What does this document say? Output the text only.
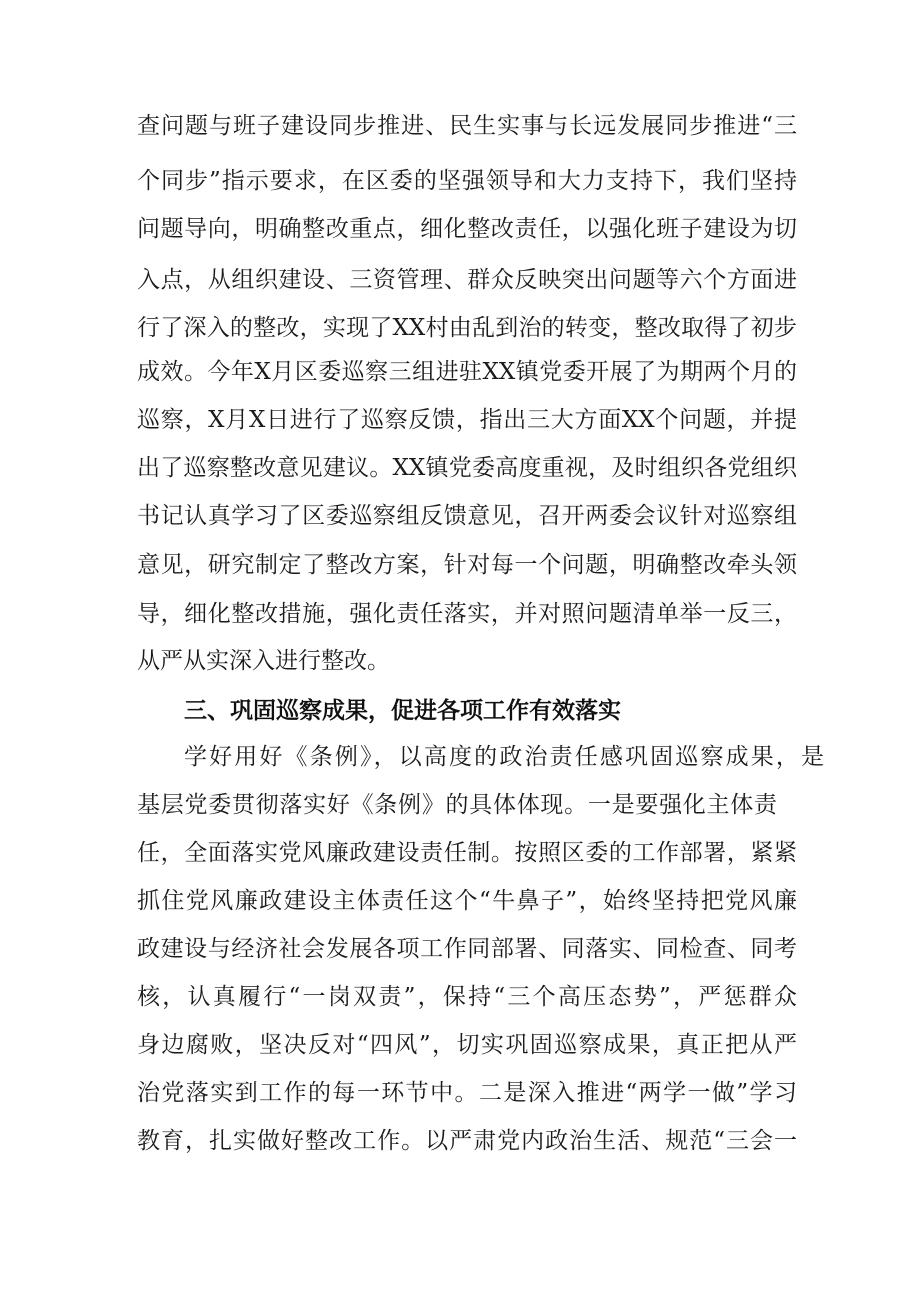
查问题与班子建设同步推进、民生实事与长远发展同步推进“三
个同步”指示要求，在区委的坚强领导和大力支持下，我们坚持
问题导向，明确整改重点，细化整改责任，以强化班子建设为切
入点，从组织建设、三资管理、群众反映突出问题等六个方面进
行了深入的整改，实现了XX村由乱到治的转变，整改取得了初步
成效。今年X月区委巡察三组进驻XX镇党委开展了为期两个月的
巡察，X月X日进行了巡察反馈，指出三大方面XX个问题，并提
出了巡察整改意见建议。XX镇党委高度重视，及时组织各党组织
书记认真学习了区委巡察组反馈意见，召开两委会议针对巡察组
意见，研究制定了整改方案，针对每一个问题，明确整改牵头领
导，细化整改措施，强化责任落实，并对照问题清单举一反三，
从严从实深入进行整改。
三、巩固巡察成果，促进各项工作有效落实
学好用好《条例》，以高度的政治责任感巩固巡察成果，是
基层党委贯彻落实好《条例》的具体体现。一是要强化主体责
任，全面落实党风廉政建设责任制。按照区委的工作部署，紧紧
抓住党风廉政建设主体责任这个“牛鼻子”，始终坚持把党风廉
政建设与经济社会发展各项工作同部署、同落实、同检查、同考
核，认真履行“一岗双责”，保持“三个高压态势”，严惩群众
身边腐败，坚决反对“四风”，切实巩固巡察成果，真正把从严
治党落实到工作的每一环节中。二是深入推进“两学一做”学习
教育，扎实做好整改工作。以严肃党内政治生活、规范“三会一
